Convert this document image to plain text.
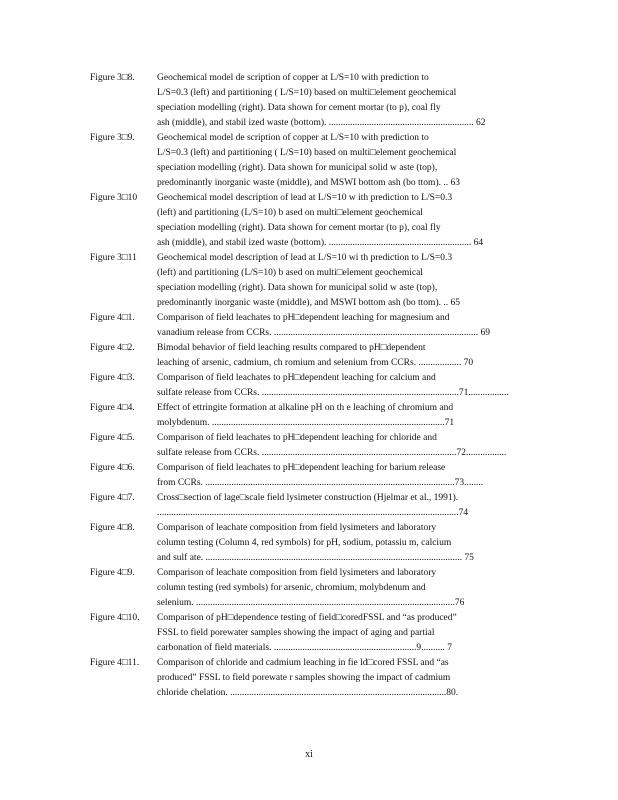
Figure 3□8.	Geochemical model de scription of copper at L/S=10 with prediction to
L/S=0.3 (left) and partitioning ( L/S=10) based on multi□element geochemical
speciation modelling (right). Data shown for cement mortar (to p), coal fly
ash (middle), and stabil ized waste (bottom). ............................................................. 62
Figure 3□9.	Geochemical model de scription of copper at L/S=10 with prediction to
L/S=0.3 (left) and partitioning ( L/S=10) based on multi□element geochemical
speciation modelling (right). Data shown for municipal solid w aste (top),
predominantly inorganic waste (middle), and MSWI bottom ash (bo ttom). .. 63
Figure 3□10	Geochemical model description of lead at L/S=10 w ith prediction to L/S=0.3
(left) and partitioning (L/S=10) b ased on multi□element geochemical
speciation modelling (right). Data shown for cement mortar (to p), coal fly
ash (middle), and stabil ized waste (bottom). ............................................................ 64
Figure 3□11	Geochemical model description of lead at L/S=10 wi th prediction to L/S=0.3
(left) and partitioning (L/S=10) b ased on multi□element geochemical
speciation modelling (right). Data shown for municipal solid w aste (top),
predominantly inorganic waste (middle), and MSWI bottom ash (bo ttom). .. 65
Figure 4□1.	Comparison of field leachates to pH□dependent leaching for magnesium and
vanadium release from CCRs. ...................................................................................... 69
Figure 4□2.	Bimodal behavior of field leaching results compared to pH□dependent
leaching of arsenic, cadmium, ch romium and selenium from CCRs. .................. 70
Figure 4□3.	Comparison of field leachates to pH□dependent leaching for calcium and
sulfate release from CCRs. ...................................................................................71.................
Figure 4□4.	Effect of ettringite formation at alkaline pH on th e leaching of chromium and
molybdenum. ..................................................................................................71
Figure 4□5.	Comparison of field leachates to pH□dependent leaching for chloride and
sulfate release from CCRs. ..................................................................................72.................
Figure 4□6.	Comparison of field leachates to pH□dependent leaching for barium release
from CCRs. .........................................................................................................73........
Figure 4□7.	Cross□section of lage□scale field lysimeter construction (Hjelmar et al., 1991).
...............................................................................................................................74
Figure 4□8.	Comparison of leachate composition from field lysimeters and laboratory
column testing (Column 4, red symbols) for pH, sodium, potassiu m, calcium
and sulf ate. ............................................................................................................ 75
Figure 4□9.	Comparison of leachate composition from field lysimeters and laboratory
column testing (red symbols) for arsenic, chromium, molybdenum and
selenium. .............................................................................................................76
Figure 4□10.	Comparison of pH□dependence testing of field□coredFSSL and “as produced”
FSSL to field porewater samples showing the impact of aging and partial
carbonation of field materials. ............................................................9.......... 7
Figure 4□11.	Comparison of chloride and cadmium leaching in fie ld□cored FSSL and “as
produced” FSSL to field porewate r samples showing the impact of cadmium
chloride chelation. ...........................................................................................80.
xi
